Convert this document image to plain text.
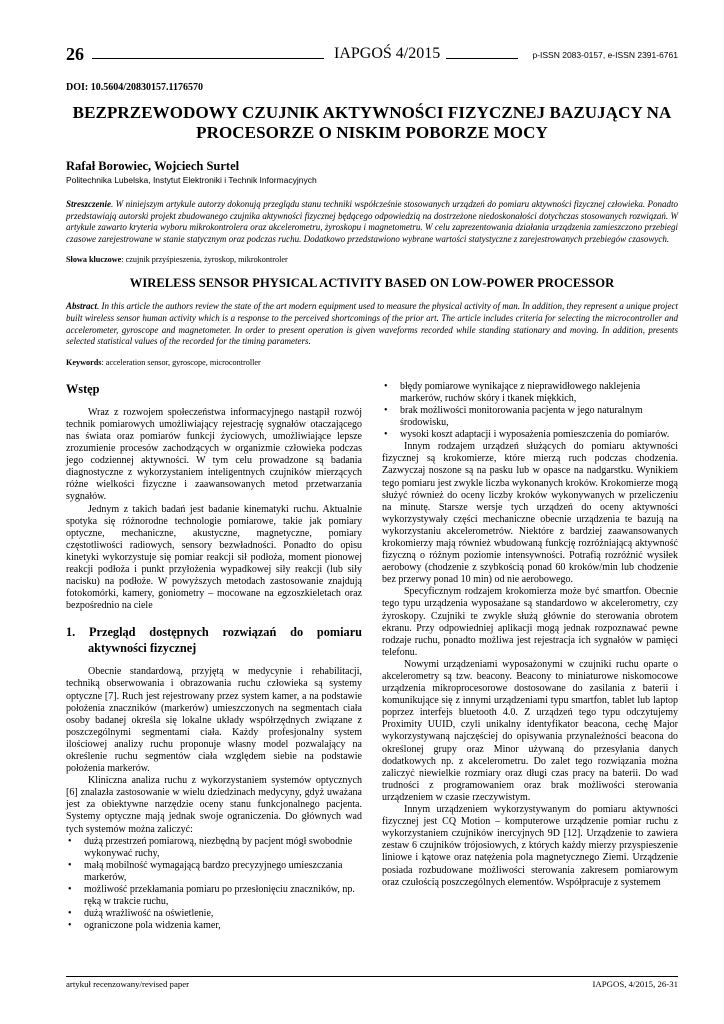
26	IAPGOŚ 4/2015	p-ISSN 2083-0157, e-ISSN 2391-6761
DOI: 10.5604/20830157.1176570
BEZPRZEWODOWY CZUJNIK AKTYWNOŚCI FIZYCZNEJ BAZUJĄCY NA PROCESORZE O NISKIM POBORZE MOCY
Rafał Borowiec, Wojciech Surtel
Politechnika Lubelska, Instytut Elektroniki i Technik Informacyjnych
Streszczenie. W niniejszym artykule autorzy dokonują przeglądu stanu techniki współcześnie stosowanych urządzeń do pomiaru aktywności fizycznej człowieka. Ponadto przedstawiają autorski projekt zbudowanego czujnika aktywności fizycznej będącego odpowiedzią na dostrzeżone niedoskonałości dotychczas stosowanych rozwiązań. W artykule zawarto kryteria wyboru mikrokontrolera oraz akcelerometru, żyroskopu i magnetometru. W celu zaprezentowania działania urządzenia zamieszczono przebiegi czasowe zarejestrowane w stanie statycznym oraz podczas ruchu. Dodatkowo przedstawiono wybrane wartości statystyczne z zarejestrowanych przebiegów czasowych.
Słowa kluczowe: czujnik przyśpieszenia, żyroskop, mikrokontroler
WIRELESS SENSOR PHYSICAL ACTIVITY BASED ON LOW-POWER PROCESSOR
Abstract. In this article the authors review the state of the art modern equipment used to measure the physical activity of man. In addition, they represent a unique project built wireless sensor human activity which is a response to the perceived shortcomings of the prior art. The article includes criteria for selecting the microcontroller and accelerometer, gyroscope and magnetometer. In order to present operation is given waveforms recorded while standing stationary and moving. In addition, presents selected statistical values of the recorded for the timing parameters.
Keywords: acceleration sensor, gyroscope, microcontroller
Wstęp

Wraz z rozwojem społeczeństwa informacyjnego nastąpił rozwój technik pomiarowych umożliwiający rejestrację sygnałów otaczającego nas świata oraz pomiarów funkcji życiowych, umożliwiające lepsze zrozumienie procesów zachodzących w organizmie człowieka podczas jego codziennej aktywności. W tym celu prowadzone są badania diagnostyczne z wykorzystaniem inteligentnych czujników mierzących różne wielkości fizyczne i zaawansowanych metod przetwarzania sygnałów.

Jednym z takich badań jest badanie kinematyki ruchu. Aktualnie spotyka się różnorodne technologie pomiarowe, takie jak pomiary optyczne, mechaniczne, akustyczne, magnetyczne, pomiary częstotliwości radiowych, sensory bezwładności. Ponadto do opisu kinetyki wykorzystuje się pomiar reakcji sił podłoża, moment pionowej reakcji podłoża i punkt przyłożenia wypadkowej siły reakcji (lub siły nacisku) na podłoże. W powyższych metodach zastosowanie znajdują fotokomórki, kamery, goniometry – mocowane na egzoszkieletach oraz bezpośrednio na ciele

1. Przegląd dostępnych rozwiązań do pomiaru aktywności fizycznej

Obecnie standardową, przyjętą w medycynie i rehabilitacji, techniką obserwowania i obrazowania ruchu człowieka są systemy optyczne [7]. Ruch jest rejestrowany przez system kamer, a na podstawie położenia znaczników (markerów) umieszczonych na segmentach ciała osoby badanej określa się lokalne układy współrzędnych związane z poszczególnymi segmentami ciała. Każdy profesjonalny system ilościowej analizy ruchu proponuje własny model pozwalający na określenie ruchu segmentów ciała względem siebie na podstawie położenia markerów.

Kliniczna analiza ruchu z wykorzystaniem systemów optycznych [6] znalazła zastosowanie w wielu dziedzinach medycyny, gdyż uważana jest za obiektywne narzędzie oceny stanu funkcjonalnego pacjenta. Systemy optyczne mają jednak swoje ograniczenia. Do głównych wad tych systemów można zaliczyć:

• dużą przestrzeń pomiarową, niezbędną by pacjent mógł swobodnie wykonywać ruchy,
• małą mobilność wymagającą bardzo precyzyjnego umieszczania markerów,
• możliwość przekłamania pomiaru po przesłonięciu znaczników, np. ręką w trakcie ruchu,
• dużą wrażliwość na oświetlenie,
• ograniczone pola widzenia kamer,
• błędy pomiarowe wynikające z nieprawidłowego naklejenia markerów, ruchów skóry i tkanek miękkich,
• brak możliwości monitorowania pacjenta w jego naturalnym środowisku,
• wysoki koszt adaptacji i wyposażenia pomieszczenia do pomiarów.

Innym rodzajem urządzeń służących do pomiaru aktywności fizycznej są krokomierze, które mierzą ruch podczas chodzenia. Zazwyczaj noszone są na pasku lub w opasce na nadgarstku. Wynikiem tego pomiaru jest zwykle liczba wykonanych kroków. Krokomierze mogą służyć również do oceny liczby kroków wykonywanych w przeliczeniu na minutę. Starsze wersje tych urządzeń do oceny aktywności wykorzystywały części mechaniczne obecnie urządzenia te bazują na wykorzystaniu akcelerometrów. Niektóre z bardziej zaawansowanych krokomierzy mają również wbudowaną funkcję rozróżniającą aktywność fizyczną o różnym poziomie intensywności. Potrafią rozróżnić wysiłek aerobowy (chodzenie z szybkością ponad 60 kroków/min lub chodzenie bez przerwy ponad 10 min) od nie aerobowego.

Specyficznym rodzajem krokomierza może być smartfon. Obecnie tego typu urządzenia wyposażane są standardowo w akcelerometry, czy żyroskopy. Czujniki te zwykle służą głównie do sterowania obrotem ekranu. Przy odpowiedniej aplikacji mogą jednak rozpoznawać pewne rodzaje ruchu, ponadto możliwa jest rejestracja ich sygnałów w pamięci telefonu.

Nowymi urządzeniami wyposażonymi w czujniki ruchu oparte o akcelerometry są tzw. beacony. Beacony to miniaturowe niskomocowe urządzenia mikroprocesorowe dostosowane do zasilania z baterii i komunikujące się z innymi urządzeniami typu smartfon, tablet lub laptop poprzez interfejs bluetooth 4.0. Z urządzeń tego typu odczytujemy Proximity UUID, czyli unikalny identyfikator beacona, cechę Major wykorzystywaną najczęściej do opisywania przynależności beacona do określonej grupy oraz Minor używaną do przesyłania danych dodatkowych np. z akcelerometru. Do zalet tego rozwiązania można zaliczyć niewielkie rozmiary oraz długi czas pracy na baterii. Do wad trudności z programowaniem oraz brak możliwości sterowania urządzeniem w czasie rzeczywistym.

Innym urządzeniem wykorzystywanym do pomiaru aktywności fizycznej jest CQ Motion – komputerowe urządzenie pomiar ruchu z wykorzystaniem czujników inercyjnych 9D [12]. Urządzenie to zawiera zestaw 6 czujników trójosiowych, z których każdy mierzy przyspieszenie liniowe i kątowe oraz natężenia pola magnetycznego Ziemi. Urządzenie posiada rozbudowane możliwości sterowania zakresem pomiarowym oraz czułością poszczególnych elementów. Współpracuje z systemem

artykuł recenzowany/revised paper	IAPGOS, 4/2015, 26-31
